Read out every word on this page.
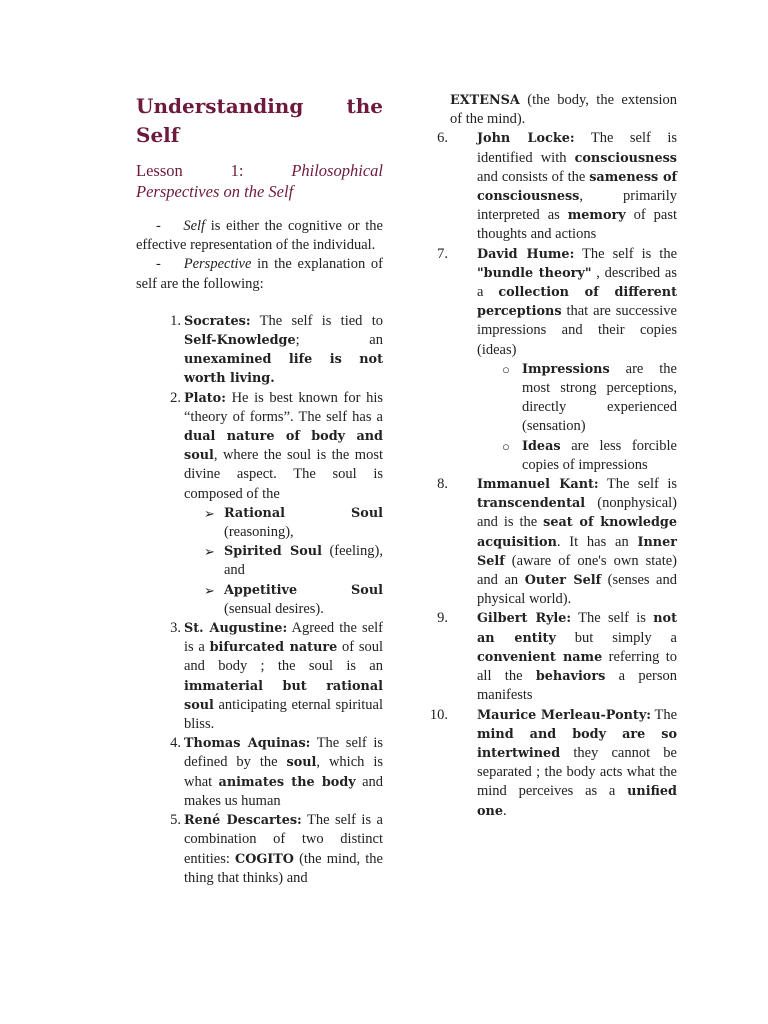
Understanding the
Self
Lesson	1:	Philosophical
Perspectives on the Self

- Self is either the cognitive or the effective representation of the individual.

- Perspective in the explanation of self are the following:

1. Socrates: The self is tied to Self-Knowledge; an unexamined life is not worth living.
2. Plato: He is best known for his “theory of forms”. The self has a dual nature of body and soul, where the soul is the most divine aspect. The soul is composed of the
➢ Rational Soul (reasoning),
➢ Spirited Soul (feeling), and
➢ Appetitive Soul (sensual desires).
3. St. Augustine: Agreed the self is a bifurcated nature of soul and body ; the soul is an immaterial but rational soul anticipating eternal spiritual bliss.
4. Thomas Aquinas: The self is defined by the soul, which is what animates the body and makes us human
5. René Descartes: The self is a combination of two distinct entities: COGITO (the mind, the thing that thinks) and

EXTENSA (the body, the extension of the mind).

6. John Locke: The self is identified with consciousness and consists of the sameness of consciousness, primarily interpreted as memory of past thoughts and actions
7. David Hume: The self is the "bundle theory" , described as a collection of different perceptions that are successive impressions and their copies (ideas)
○ Impressions are the most strong perceptions, directly experienced (sensation)
○ Ideas are less forcible copies of impressions
8. Immanuel Kant: The self is transcendental (nonphysical) and is the seat of knowledge acquisition. It has an Inner Self (aware of one's own state) and an Outer Self (senses and physical world).
9. Gilbert Ryle: The self is not an entity but simply a convenient name referring to all the behaviors a person manifests
10. Maurice Merleau-Ponty: The mind and body are so intertwined they cannot be separated ; the body acts what the mind perceives as a unified one.
